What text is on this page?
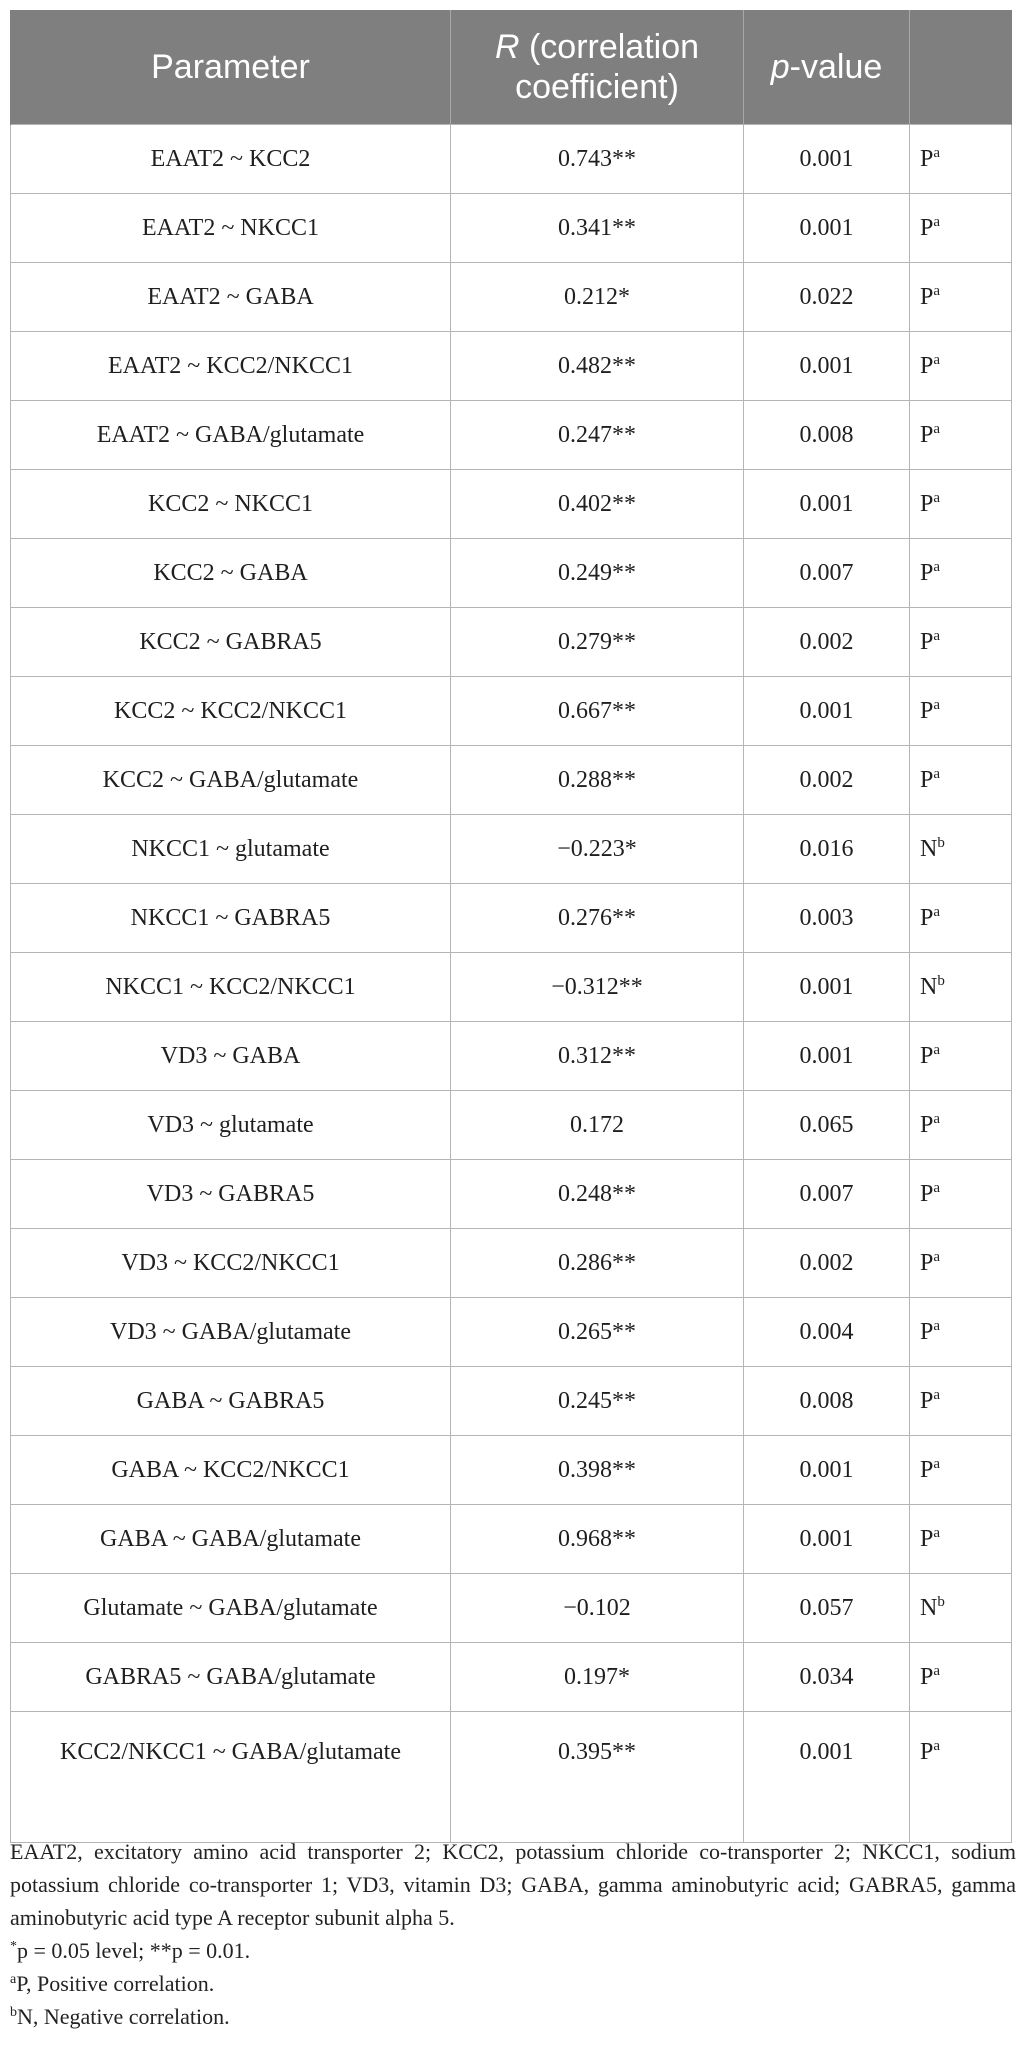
Parameter	R (correlation coefficient)	p-value	
EAAT2 ~ KCC2	0.743**	0.001	$P^a$
EAAT2 ~ NKCC1	0.341**	0.001	$P^a$
EAAT2 ~ GABA	0.212*	0.022	$P^a$
EAAT2 ~ KCC2/NKCC1	0.482**	0.001	$P^a$
EAAT2 ~ GABA/glutamate	0.247**	0.008	$P^a$
KCC2 ~ NKCC1	0.402**	0.001	$P^a$
KCC2 ~ GABA	0.249**	0.007	$P^a$
KCC2 ~ GABRA5	0.279**	0.002	$P^a$
KCC2 ~ KCC2/NKCC1	0.667**	0.001	$P^a$
KCC2 ~ GABA/glutamate	0.288**	0.002	$P^a$
NKCC1 ~ glutamate	−0.223*	0.016	$N^b$
NKCC1 ~ GABRA5	0.276**	0.003	$P^a$
NKCC1 ~ KCC2/NKCC1	−0.312**	0.001	$N^b$
VD3 ~ GABA	0.312**	0.001	$P^a$
VD3 ~ glutamate	0.172	0.065	$P^a$
VD3 ~ GABRA5	0.248**	0.007	$P^a$
VD3 ~ KCC2/NKCC1	0.286**	0.002	$P^a$
VD3 ~ GABA/glutamate	0.265**	0.004	$P^a$
GABA ~ GABRA5	0.245**	0.008	$P^a$
GABA ~ KCC2/NKCC1	0.398**	0.001	$P^a$
GABA ~ GABA/glutamate	0.968**	0.001	$P^a$
Glutamate ~ GABA/glutamate	−0.102	0.057	$N^b$
GABRA5 ~ GABA/glutamate	0.197*	0.034	$P^a$
KCC2/NKCC1 ~ GABA/glutamate	0.395**	0.001	$P^a$

EAAT2, excitatory amino acid transporter 2; KCC2, potassium chloride co-transporter 2; NKCC1, sodium potassium chloride co-transporter 1; VD3, vitamin D3; GABA, gamma aminobutyric acid; GABRA5, gamma aminobutyric acid type A receptor subunit alpha 5.

*p = 0.05 level; **p = 0.01.

$^a$P, Positive correlation.

$^b$N, Negative correlation.
